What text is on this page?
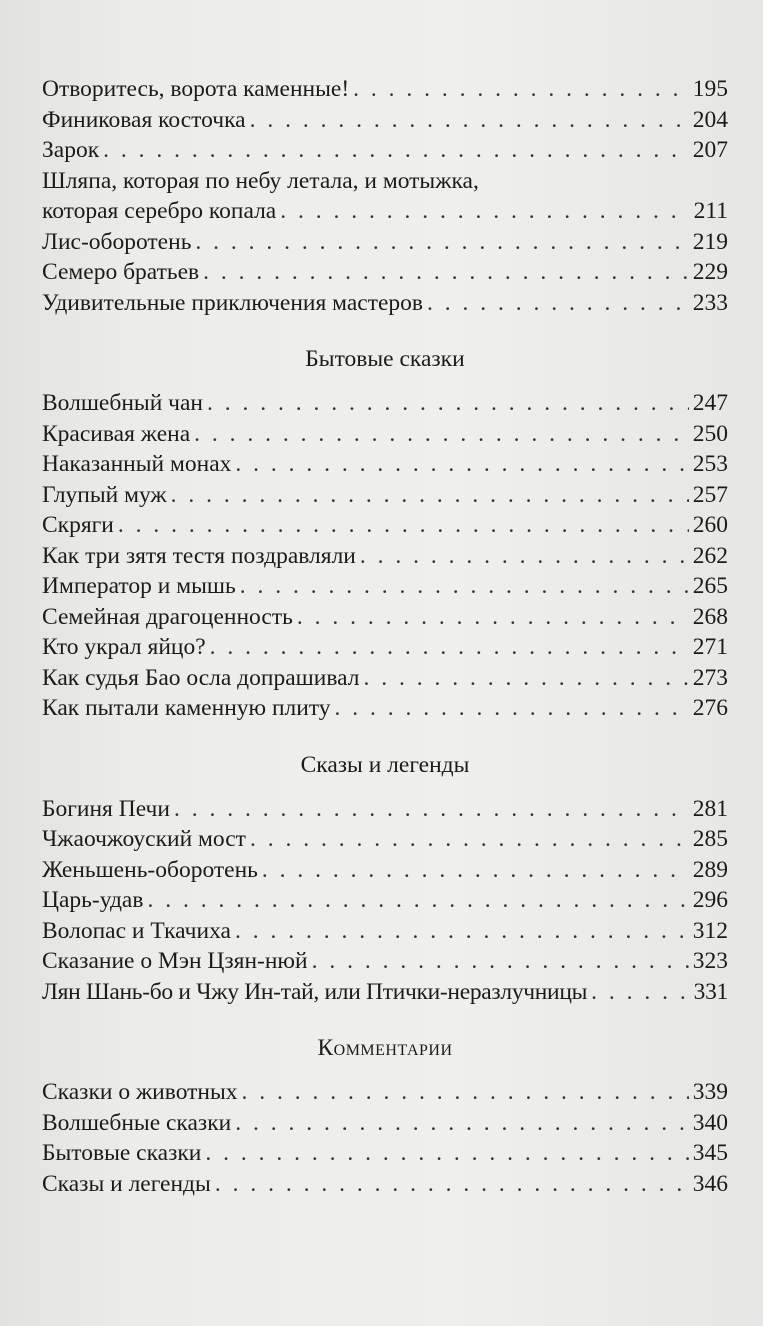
Отворитесь, ворота каменные! . . .	195
Финиковая косточка . . .	204
Зарок . . .	207
Шляпа, которая по небу летала, и мотыжка,
которая серебро копала . . .	211
Лис-оборотень . . .	219
Семеро братьев . . .	229
Удивительные приключения мастеров . . .	233
Бытовые сказки
Волшебный чан . . .	247
Красивая жена . . .	250
Наказанный монах . . .	253
Глупый муж . . .	257
Скряги . . .	260
Как три зятя тестя поздравляли . . .	262
Император и мышь . . .	265
Семейная драгоценность . . .	268
Кто украл яйцо? . . .	271
Как судья Бао осла допрашивал . . .	273
Как пытали каменную плиту . . .	276
Сказы и легенды
Богиня Печи . . .	281
Чжаочжоуский мост . . .	285
Женьшень-оборотень . . .	289
Царь-удав . . .	296
Волопас и Ткачиха . . .	312
Сказание о Мэн Цзян-нюй . . .	323
Лян Шань-бо и Чжу Ин-тай, или Птички-неразлучницы . . .	331
Комментарии
Сказки о животных . . .	339
Волшебные сказки . . .	340
Бытовые сказки . . .	345
Сказы и легенды . . .	346
